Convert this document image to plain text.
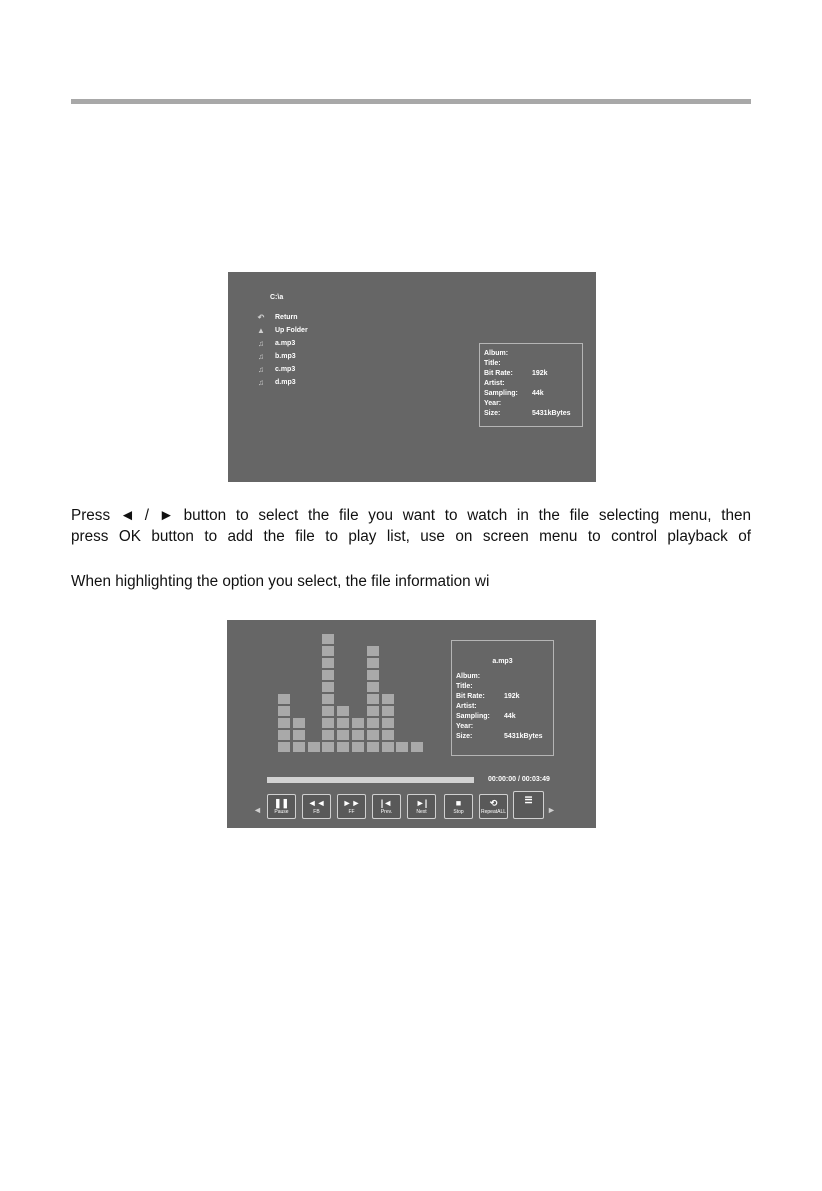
C:\a
↶ Return
▲ Up Folder
♫ a.mp3
♫ b.mp3
♫ c.mp3
♫ d.mp3
Album:
Title:
Bit Rate:	192k
Artist:
Sampling: 44k
Year:
Size:	5431kBytes
Press ◄ / ► button to select the file you want to watch in the file selecting menu, then
press OK button to add the file to play list, use on screen menu to control playback of
When highlighting the option you select, the file information wi
a.mp3
Album:
Title:
Bit Rate:	192k
Artist:
Sampling: 44k
Year:
Size:	5431kBytes
00:00:00 / 00:03:49
◄	►
❚❚
Pause
◄◄
FB
►►
FF
|◄
Prev.
►|
Next
■
Stop
⟲
RepeatALL
☰
